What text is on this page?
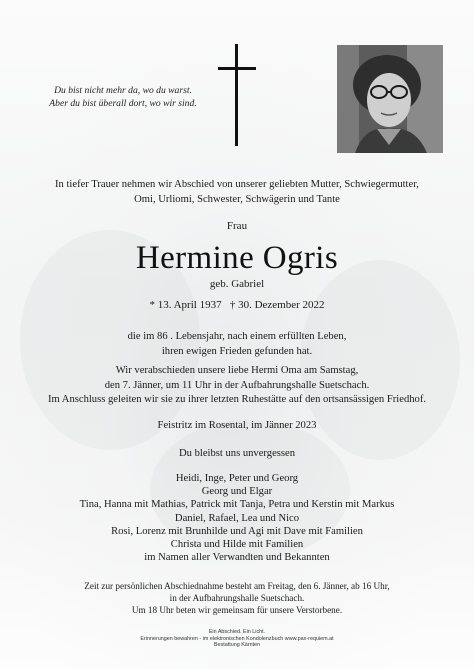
Du bist nicht mehr da, wo du warst.
Aber du bist überall dort, wo wir sind.
In tiefer Trauer nehmen wir Abschied von unserer geliebten Mutter, Schwiegermutter,
Omi, Urliomi, Schwester, Schwägerin und Tante
Frau
Hermine Ogris
geb. Gabriel
* 13. April 1937   † 30. Dezember 2022
die im 86 . Lebensjahr, nach einem erfüllten Leben,
ihren ewigen Frieden gefunden hat.
Wir verabschieden unsere liebe Hermi Oma am Samstag,
den 7. Jänner, um 11 Uhr in der Aufbahrungshalle Suetschach.
Im Anschluss geleiten wir sie zu ihrer letzten Ruhestätte auf den ortsansässigen Friedhof.
Feistritz im Rosental, im Jänner 2023
Du bleibst uns unvergessen
Heidi, Inge, Peter und Georg
Georg und Elgar
Tina, Hanna mit Mathias, Patrick mit Tanja, Petra und Kerstin mit Markus
Daniel, Rafael, Lea und Nico
Rosi, Lorenz mit Brunhilde und Agi mit Dave mit Familien
Christa und Hilde mit Familien
im Namen aller Verwandten und Bekannten
Zeit zur persönlichen Abschiednahme besteht am Freitag, den 6. Jänner, ab 16 Uhr,
in der Aufbahrungshalle Suetschach.
Um 18 Uhr beten wir gemeinsam für unsere Verstorbene.
Ein Abschied. Ein Licht.
Erinnerungen bewahren - im elektronischen Kondolenzbuch www.pax-requiem.at
Bestattung Kärnten
